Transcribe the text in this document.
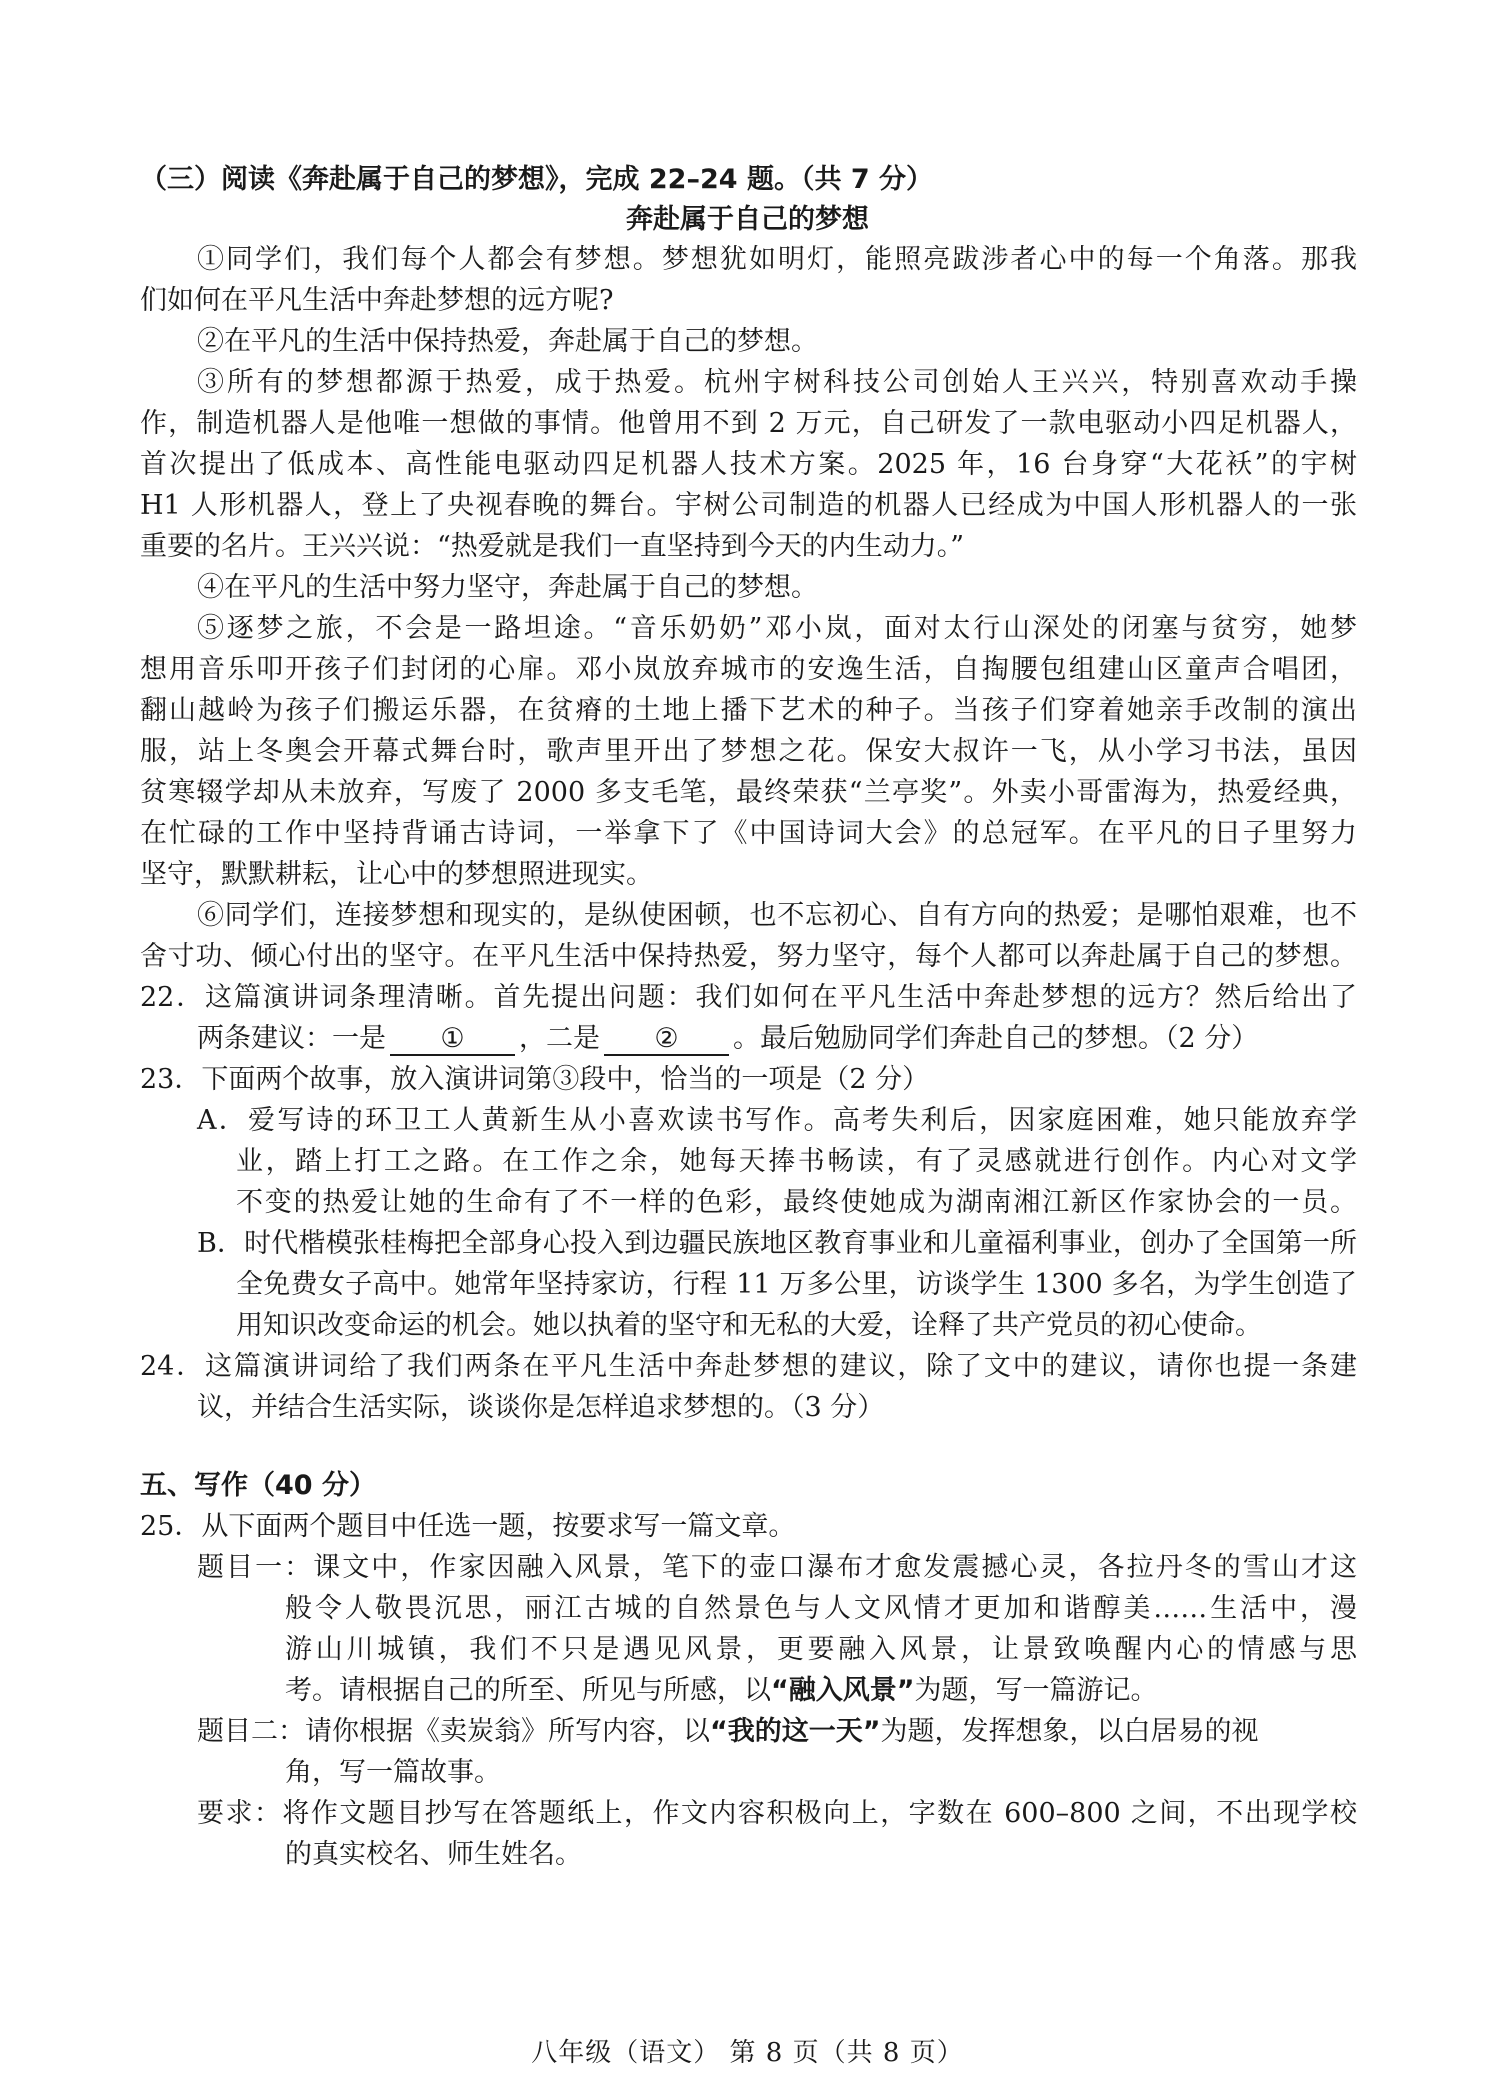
（三）阅读《奔赴属于自己的梦想》，完成 22–24 题。（共 7 分）
奔赴属于自己的梦想
①同学们，我们每个人都会有梦想。梦想犹如明灯，能照亮跋涉者心中的每一个角落。那我
们如何在平凡生活中奔赴梦想的远方呢?
②在平凡的生活中保持热爱，奔赴属于自己的梦想。
③所有的梦想都源于热爱，成于热爱。杭州宇树科技公司创始人王兴兴，特别喜欢动手操
作，制造机器人是他唯一想做的事情。他曾用不到 2 万元，自己研发了一款电驱动小四足机器人，
首次提出了低成本、高性能电驱动四足机器人技术方案。2025 年，16 台身穿“大花袄”的宇树
H1 人形机器人，登上了央视春晚的舞台。宇树公司制造的机器人已经成为中国人形机器人的一张
重要的名片。王兴兴说：“热爱就是我们一直坚持到今天的内生动力。”
④在平凡的生活中努力坚守，奔赴属于自己的梦想。
⑤逐梦之旅，不会是一路坦途。“音乐奶奶”邓小岚，面对太行山深处的闭塞与贫穷，她梦
想用音乐叩开孩子们封闭的心扉。邓小岚放弃城市的安逸生活，自掏腰包组建山区童声合唱团，
翻山越岭为孩子们搬运乐器，在贫瘠的土地上播下艺术的种子。当孩子们穿着她亲手改制的演出
服，站上冬奥会开幕式舞台时，歌声里开出了梦想之花。保安大叔许一飞，从小学习书法，虽因
贫寒辍学却从未放弃，写废了 2000 多支毛笔，最终荣获“兰亭奖”。外卖小哥雷海为，热爱经典，
在忙碌的工作中坚持背诵古诗词，一举拿下了《中国诗词大会》的总冠军。在平凡的日子里努力
坚守，默默耕耘，让心中的梦想照进现实。
⑥同学们，连接梦想和现实的，是纵使困顿，也不忘初心、自有方向的热爱；是哪怕艰难，也不
舍寸功、倾心付出的坚守。在平凡生活中保持热爱，努力坚守，每个人都可以奔赴属于自己的梦想。
22．这篇演讲词条理清晰。首先提出问题：我们如何在平凡生活中奔赴梦想的远方？然后给出了
两条建议：一是 ① ，二是 ② 。最后勉励同学们奔赴自己的梦想。（2 分）
23．下面两个故事，放入演讲词第③段中，恰当的一项是（2 分）
A．爱写诗的环卫工人黄新生从小喜欢读书写作。高考失利后，因家庭困难，她只能放弃学
业，踏上打工之路。在工作之余，她每天捧书畅读，有了灵感就进行创作。内心对文学
不变的热爱让她的生命有了不一样的色彩，最终使她成为湖南湘江新区作家协会的一员。
B．时代楷模张桂梅把全部身心投入到边疆民族地区教育事业和儿童福利事业，创办了全国第一所
全免费女子高中。她常年坚持家访，行程 11 万多公里，访谈学生 1300 多名，为学生创造了
用知识改变命运的机会。她以执着的坚守和无私的大爱，诠释了共产党员的初心使命。
24．这篇演讲词给了我们两条在平凡生活中奔赴梦想的建议，除了文中的建议，请你也提一条建
议，并结合生活实际，谈谈你是怎样追求梦想的。（3 分）
五、写作（40 分）
25．从下面两个题目中任选一题，按要求写一篇文章。
题目一：课文中，作家因融入风景，笔下的壶口瀑布才愈发震撼心灵，各拉丹冬的雪山才这
般令人敬畏沉思，丽江古城的自然景色与人文风情才更加和谐醇美……生活中，漫
游山川城镇，我们不只是遇见风景，更要融入风景，让景致唤醒内心的情感与思
考。请根据自己的所至、所见与所感，以“融入风景”为题，写一篇游记。
题目二：请你根据《卖炭翁》所写内容，以“我的这一天”为题，发挥想象，以白居易的视
角，写一篇故事。
要求：将作文题目抄写在答题纸上，作文内容积极向上，字数在 600–800 之间，不出现学校
的真实校名、师生姓名。
八年级（语文） 第 8 页（共 8 页）
